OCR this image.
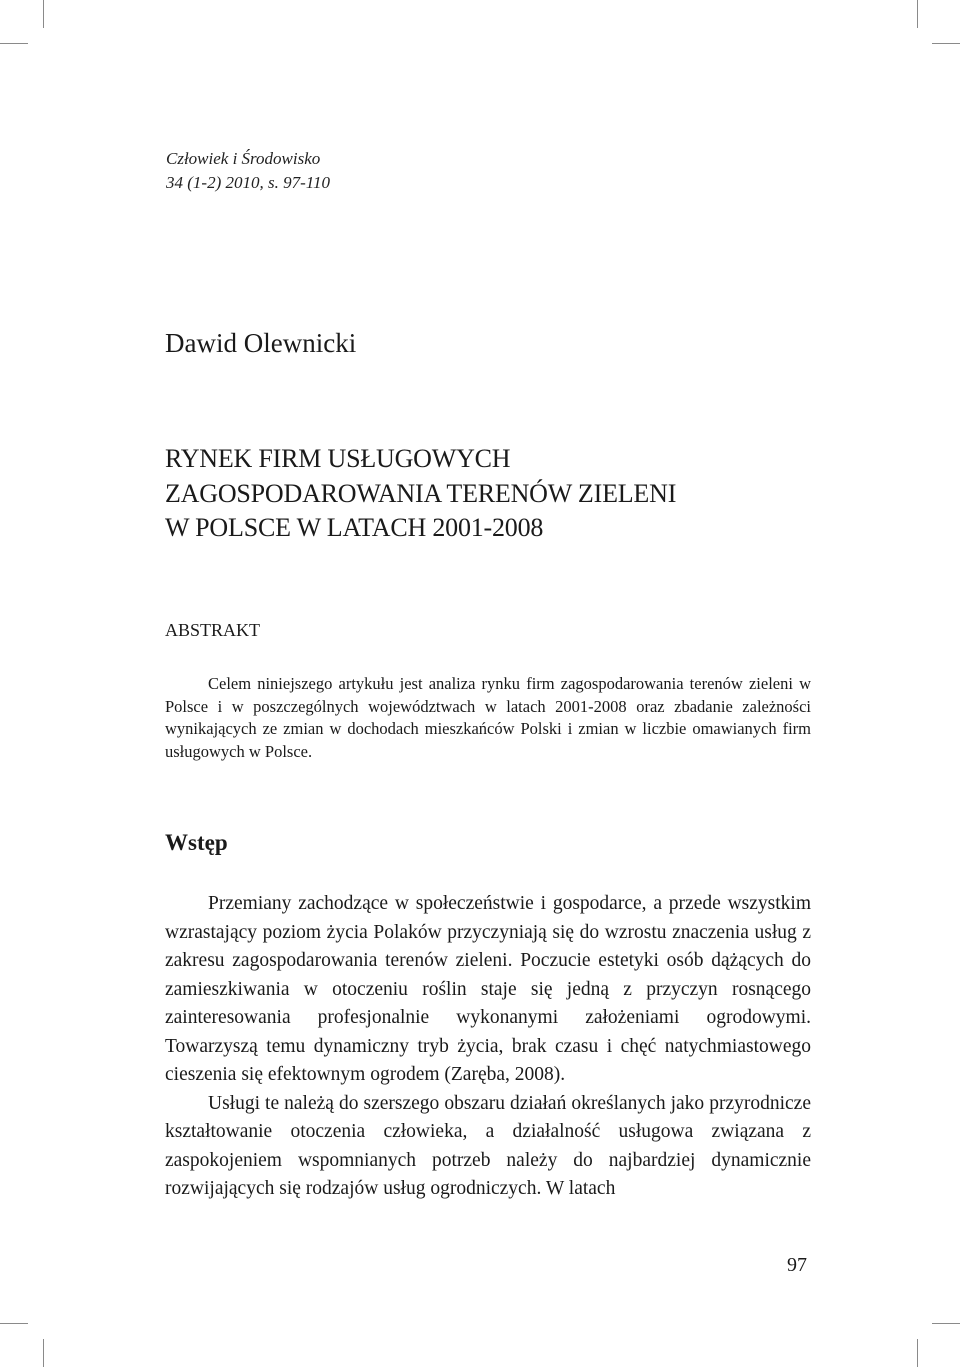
Człowiek i Środowisko
34 (1-2) 2010, s. 97-110
Dawid Olewnicki
RYNEK FIRM USŁUGOWYCH
ZAGOSPODAROWANIA TERENÓW ZIELENI
W POLSCE W LATACH 2001-2008
ABSTRAKT
Celem niniejszego artykułu jest analiza rynku firm zagospodarowania terenów zieleni w Polsce i w poszczególnych województwach w latach 2001-2008 oraz zbadanie zależności wynikających ze zmian w dochodach mieszkańców Polski i zmian w liczbie omawianych firm usługowych w Polsce.
Wstęp

Przemiany zachodzące w społeczeństwie i gospodarce, a przede wszystkim wzrastający poziom życia Polaków przyczyniają się do wzrostu znaczenia usług z zakresu zagospodarowania terenów zieleni. Poczucie estetyki osób dążących do zamieszkiwania w otoczeniu roślin staje się jedną z przyczyn rosnącego zainteresowania profesjonalnie wykonanymi założeniami ogrodowymi. Towarzyszą temu dynamiczny tryb życia, brak czasu i chęć natychmiastowego cieszenia się efektownym ogrodem (Zaręba, 2008).

Usługi te należą do szerszego obszaru działań określanych jako przyrodnicze kształtowanie otoczenia człowieka, a działalność usługowa związana z zaspokojeniem wspomnianych potrzeb należy do najbardziej dynamicznie rozwijających się rodzajów usług ogrodniczych. W latach

97
